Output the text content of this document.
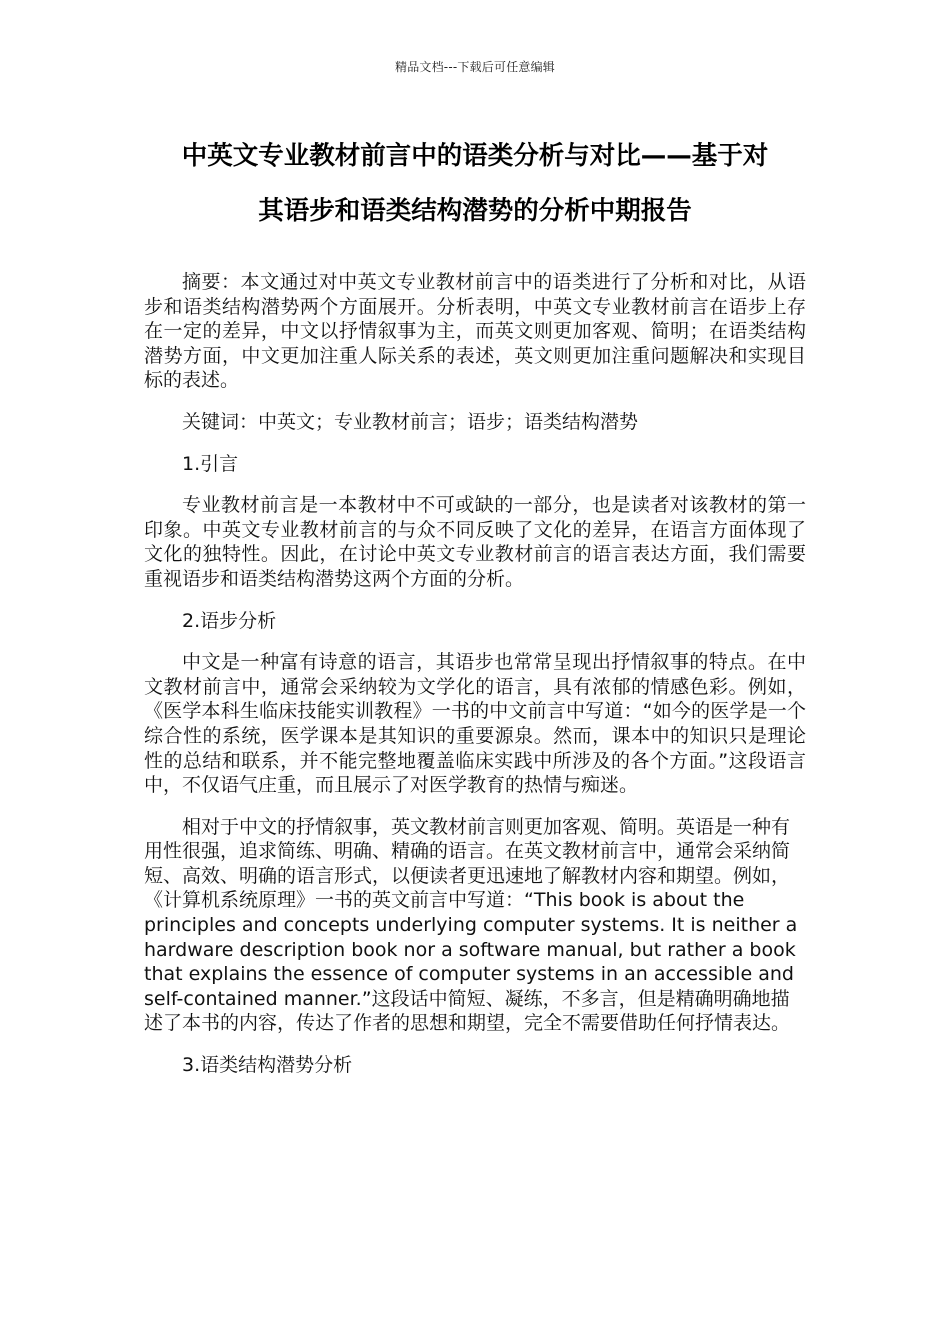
精品文档---下载后可任意编辑
中英文专业教材前言中的语类分析与对比——基于对
其语步和语类结构潜势的分析中期报告

摘要：本文通过对中英文专业教材前言中的语类进行了分析和对比，从语步和语类结构潜势两个方面展开。分析表明，中英文专业教材前言在语步上存在一定的差异，中文以抒情叙事为主，而英文则更加客观、简明；在语类结构潜势方面，中文更加注重人际关系的表述，英文则更加注重问题解决和实现目标的表述。

关键词：中英文；专业教材前言；语步；语类结构潜势

1.引言

专业教材前言是一本教材中不可或缺的一部分，也是读者对该教材的第一印象。中英文专业教材前言的与众不同反映了文化的差异，在语言方面体现了文化的独特性。因此，在讨论中英文专业教材前言的语言表达方面，我们需要重视语步和语类结构潜势这两个方面的分析。

2.语步分析

中文是一种富有诗意的语言，其语步也常常呈现出抒情叙事的特点。在中文教材前言中，通常会采纳较为文学化的语言，具有浓郁的情感色彩。例如，《医学本科生临床技能实训教程》一书的中文前言中写道：“如今的医学是一个综合性的系统，医学课本是其知识的重要源泉。然而，课本中的知识只是理论性的总结和联系，并不能完整地覆盖临床实践中所涉及的各个方面。”这段语言中，不仅语气庄重，而且展示了对医学教育的热情与痴迷。

相对于中文的抒情叙事，英文教材前言则更加客观、简明。英语是一种有用性很强，追求简练、明确、精确的语言。在英文教材前言中，通常会采纳简短、高效、明确的语言形式，以便读者更迅速地了解教材内容和期望。例如，《计算机系统原理》一书的英文前言中写道：“This book is about the principles and concepts underlying computer systems. It is neither a hardware description book nor a software manual, but rather a book that explains the essence of computer systems in an accessible and self-contained manner.”这段话中简短、凝练，不多言，但是精确明确地描述了本书的内容，传达了作者的思想和期望，完全不需要借助任何抒情表达。

3.语类结构潜势分析
